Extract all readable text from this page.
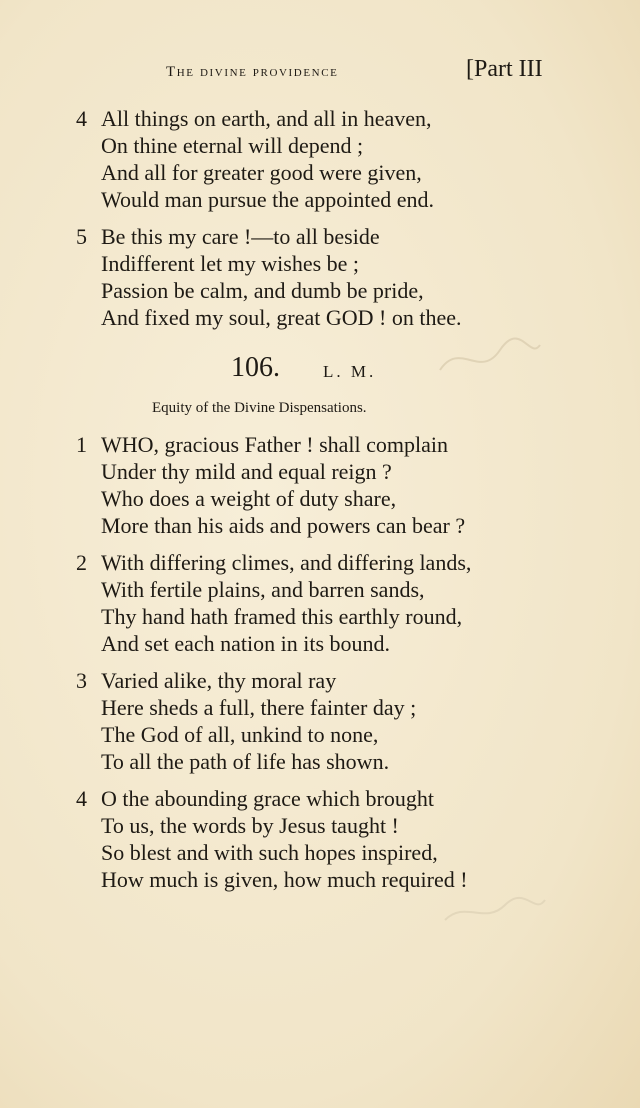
The divine providence	[Part III
4 All things on earth, and all in heaven,
On thine eternal will depend ;
And all for greater good were given,
Would man pursue the appointed end.
5 Be this my care !—to all beside
Indifferent let my wishes be ;
Passion be calm, and dumb be pride,
And fixed my soul, great GOD ! on thee.
106.	L. M.
Equity of the Divine Dispensations.
1 WHO, gracious Father ! shall complain
Under thy mild and equal reign ?
Who does a weight of duty share,
More than his aids and powers can bear ?
2 With differing climes, and differing lands,
With fertile plains, and barren sands,
Thy hand hath framed this earthly round,
And set each nation in its bound.
3 Varied alike, thy moral ray
Here sheds a full, there fainter day ;
The God of all, unkind to none,
To all the path of life has shown.
4 O the abounding grace which brought
To us, the words by Jesus taught !
So blest and with such hopes inspired,
How much is given, how much required !
